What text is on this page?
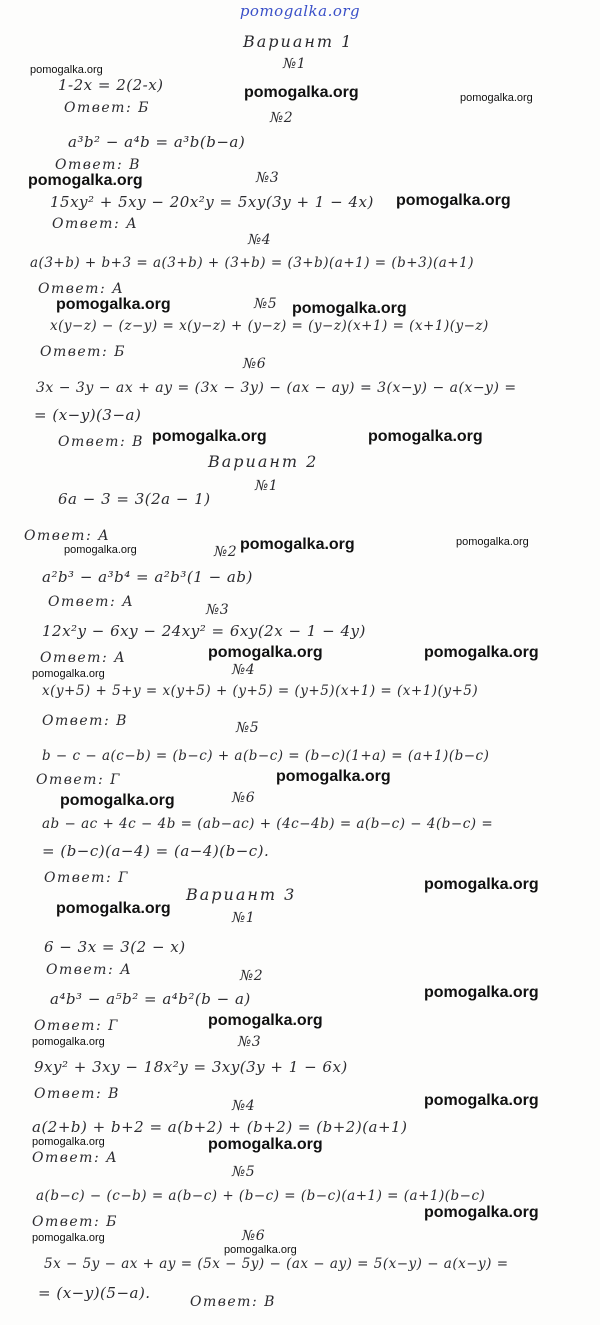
pomogalka.org
Вариант 1
№1
1-2x = 2(2-x)
Ответ: Б
№2
a³b² − a⁴b = a³b(b−a)
Ответ: В
№3
15xy² + 5xy − 20x²y = 5xy(3y + 1 − 4x)
Ответ: А
№4
a(3+b) + b+3 = a(3+b) + (3+b) = (3+b)(a+1) = (b+3)(a+1)
Ответ: А
№5
x(y−z) − (z−y) = x(y−z) + (y−z) = (y−z)(x+1) = (x+1)(y−z)
Ответ: Б
№6
3x − 3y − ax + ay = (3x − 3y) − (ax − ay) = 3(x−y) − a(x−y) =
= (x−y)(3−a)
Ответ: В
Вариант 2
№1
6a − 3 = 3(2a − 1)
Ответ: А
№2
a²b³ − a³b⁴ = a²b³(1 − ab)
Ответ: А	№3
12x²y − 6xy − 24xy² = 6xy(2x − 1 − 4y)
Ответ: А
№4
x(y+5) + 5+y = x(y+5) + (y+5) = (y+5)(x+1) = (x+1)(y+5)
Ответ: В	№5
b − c − a(c−b) = (b−c) + a(b−c) = (b−c)(1+a) = (a+1)(b−c)
Ответ: Г
№6
ab − ac + 4c − 4b = (ab−ac) + (4c−4b) = a(b−c) − 4(b−c) =
= (b−c)(a−4) = (a−4)(b−c).
Ответ: Г
Вариант 3
№1
6 − 3x = 3(2 − x)
Ответ: А	№2
a⁴b³ − a⁵b² = a⁴b²(b − a)
Ответ: Г
№3
9xy² + 3xy − 18x²y = 3xy(3y + 1 − 6x)
Ответ: В
№4
a(2+b) + b+2 = a(b+2) + (b+2) = (b+2)(a+1)
Ответ: А
№5
a(b−c) − (c−b) = a(b−c) + (b−c) = (b−c)(a+1) = (a+1)(b−c)
Ответ: Б
№6
5x − 5y − ax + ay = (5x − 5y) − (ax − ay) = 5(x−y) − a(x−y) =
= (x−y)(5−a).	Ответ: В
pomogalka.org
pomogalka.org	pomogalka.org
pomogalka.org
pomogalka.org
pomogalka.org	pomogalka.org
pomogalka.org	pomogalka.org
pomogalka.org	pomogalka.org	pomogalka.org
pomogalka.org	pomogalka.org
pomogalka.org
pomogalka.org
pomogalka.org
pomogalka.org
pomogalka.org
pomogalka.org
pomogalka.org
pomogalka.org
pomogalka.org
pomogalka.org	pomogalka.org
pomogalka.org
pomogalka.org
pomogalka.org
